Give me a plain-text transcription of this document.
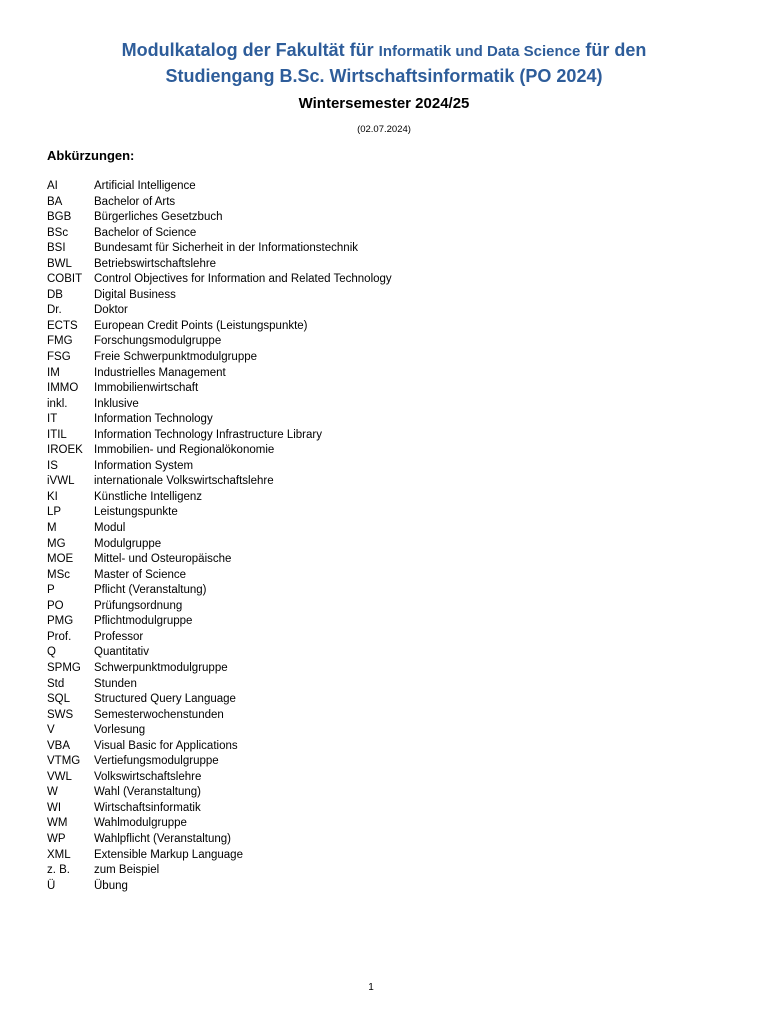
Modulkatalog der Fakultät für Informatik und Data Science für den
Studiengang B.Sc. Wirtschaftsinformatik (PO 2024)
Wintersemester 2024/25
(02.07.2024)
Abkürzungen:
AI	Artificial Intelligence
BA	Bachelor of Arts
BGB Bürgerliches Gesetzbuch
BSc Bachelor of Science
BSI Bundesamt für Sicherheit in der Informationstechnik
BWL Betriebswirtschaftslehre
COBIT Control Objectives for Information and Related Technology
DB	Digital Business
Dr.	Doktor
ECTS European Credit Points (Leistungspunkte)
FMG Forschungsmodulgruppe
FSG Freie Schwerpunktmodulgruppe
IM	Industrielles Management
IMMO Immobilienwirtschaft
inkl. Inklusive
IT	Information Technology
ITIL Information Technology Infrastructure Library
IROEK Immobilien- und Regionalökonomie
IS	Information System
iVWL internationale Volkswirtschaftslehre
KI	Künstliche Intelligenz
LP	Leistungspunkte
M	Modul
MG Modulgruppe
MOE Mittel- und Osteuropäische
MSc Master of Science
P	Pflicht (Veranstaltung)
PO	Prüfungsordnung
PMG Pflichtmodulgruppe
Prof. Professor
Q	Quantitativ
SPMG Schwerpunktmodulgruppe
Std	Stunden
SQL Structured Query Language
SWS Semesterwochenstunden
V	Vorlesung
VBA Visual Basic for Applications
VTMG Vertiefungsmodulgruppe
VWL Volkswirtschaftslehre
W	Wahl (Veranstaltung)
WI	Wirtschaftsinformatik
WM Wahlmodulgruppe
WP Wahlpflicht (Veranstaltung)
XML Extensible Markup Language
z. B. zum Beispiel
Ü	Übung
1
